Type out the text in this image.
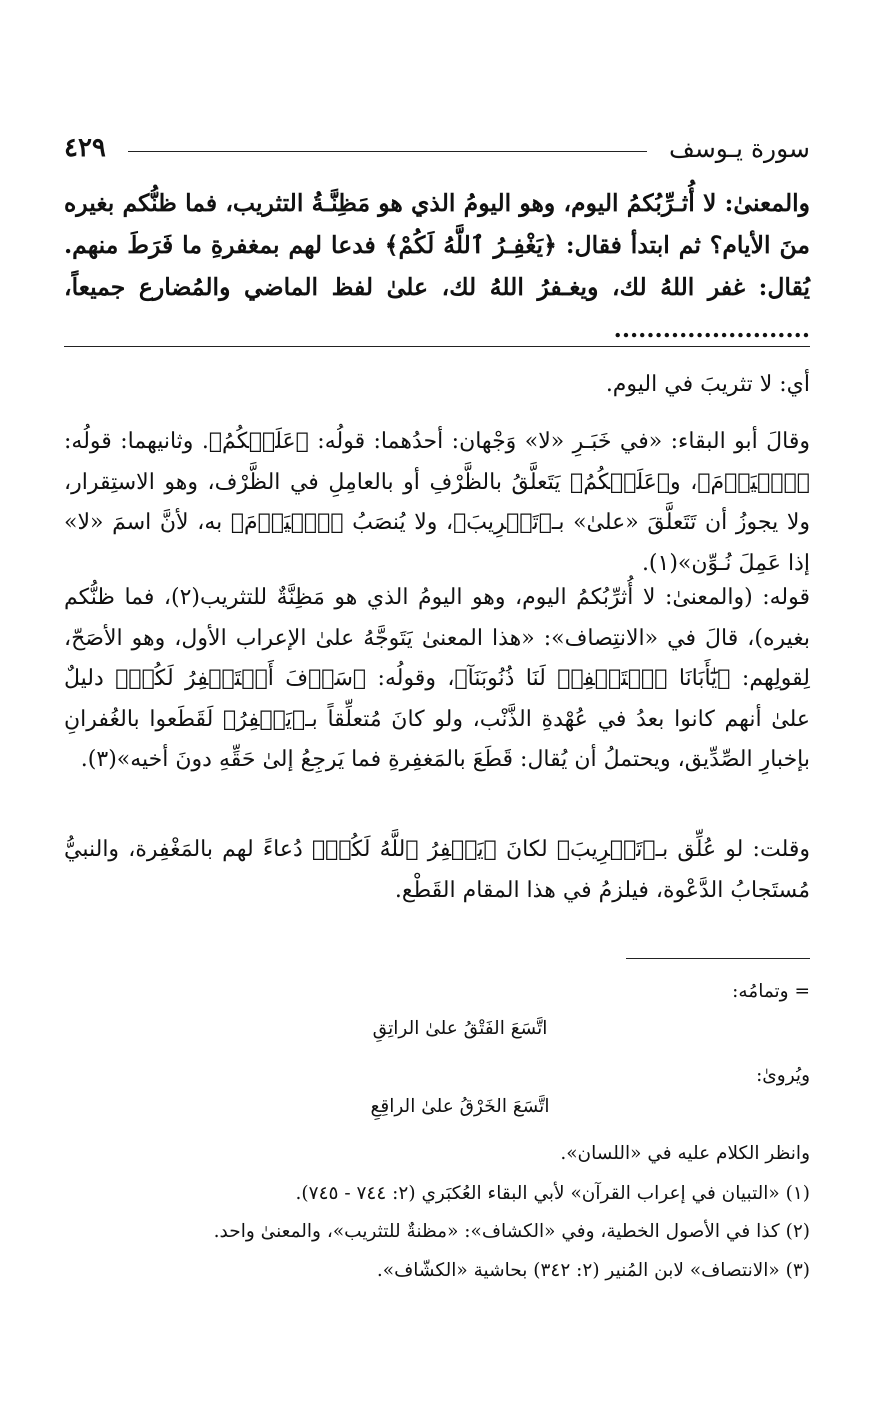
سورة يـوسف
٤٢٩
والمعنىٰ: لا أُثـرِّبُكمُ اليوم، وهو اليومُ الذي هو مَظِنَّـةُ التثريب، فما ظنُّكم بغيره منَ الأيام؟ ثم ابتدأ فقال: ﴿يَغْفِـرُ ٱللَّهُ لَكُمْ﴾ فدعا لهم بمغفرةِ ما فَرَطَ منهم. يُقال: غفر اللهُ لك، ويغـفرُ اللهُ لك، علىٰ لفظ الماضي والمُضارع جميعاً، ........................
أي: لا تثريبَ في اليوم.
وقالَ أبو البقاء: «في خَبَـرِ «لا» وَجْهان: أحدُهما: قولُه: ﴿عَلَيۡكُمُ﴾. وثانيهما: قولُه: ﴿ٱلۡيَوۡمَ﴾، و﴿عَلَيۡكُمُ﴾ يَتَعلَّقُ بالظَّرْفِ أو بالعامِلِ في الظَّرْف، وهو الاستِقرار، ولا يجوزُ أن تَتَعلَّقَ «علىٰ» بـ﴿تَثۡرِيبَ﴾، ولا يُنصَبُ ﴿ٱلۡيَوۡمَ﴾ به، لأنَّ اسمَ «لا» إذا عَمِلَ نُـوِّن»(١).
قوله: (والمعنىٰ: لا أُثرِّبُكمُ اليوم، وهو اليومُ الذي هو مَظِنَّةٌ للتثريب(٢)، فما ظنُّكم بغيره)، قالَ في «الانتِصاف»: «هذا المعنىٰ يَتَوجَّهُ علىٰ الإعراب الأول، وهو الأصَحّ، لِقولِهم: ﴿يَٰٓأَبَانَا ٱسۡتَغۡفِرۡ لَنَا ذُنُوبَنَآ﴾، وقولُه: ﴿سَوۡفَ أَسۡتَغۡفِرُ لَكُمۡ﴾ دليلٌ علىٰ أنهم كانوا بعدُ في عُهْدةِ الذَّنْب، ولو كانَ مُتعلِّقاً بـ﴿يَغۡفِرُ﴾ لَقَطَعوا بالغُفرانِ بإخبارِ الصِّدِّيق، ويحتملُ أن يُقال: قَطَعَ بالمَغفِرةِ فما يَرجِعُ إلىٰ حَقِّهِ دونَ أخيه»(٣).
وقلت: لو عُلِّق بـ﴿تَثۡرِيبَ﴾ لكانَ ﴿يَغۡفِرُ ٱللَّهُ لَكُمۡ﴾ دُعاءً لهم بالمَغْفِرة، والنبيُّ مُستَجابُ الدَّعْوة، فيلزمُ في هذا المقام القَطْع.
= وتمامُه:
اتَّسَعَ الفَتْقُ علىٰ الراتِقِ
ويُروىٰ:
اتَّسَعَ الخَرْقُ علىٰ الراقِعِ
وانظر الكلام عليه في «اللسان».
(١) «التبيان في إعراب القرآن» لأبي البقاء العُكبَري (٢: ٧٤٤ - ٧٤٥).
(٢) كذا في الأصول الخطية، وفي «الكشاف»: «مظنةٌ للتثريب»، والمعنىٰ واحد.
(٣) «الانتصاف» لابن المُنير (٢: ٣٤٢) بحاشية «الكشّاف».
